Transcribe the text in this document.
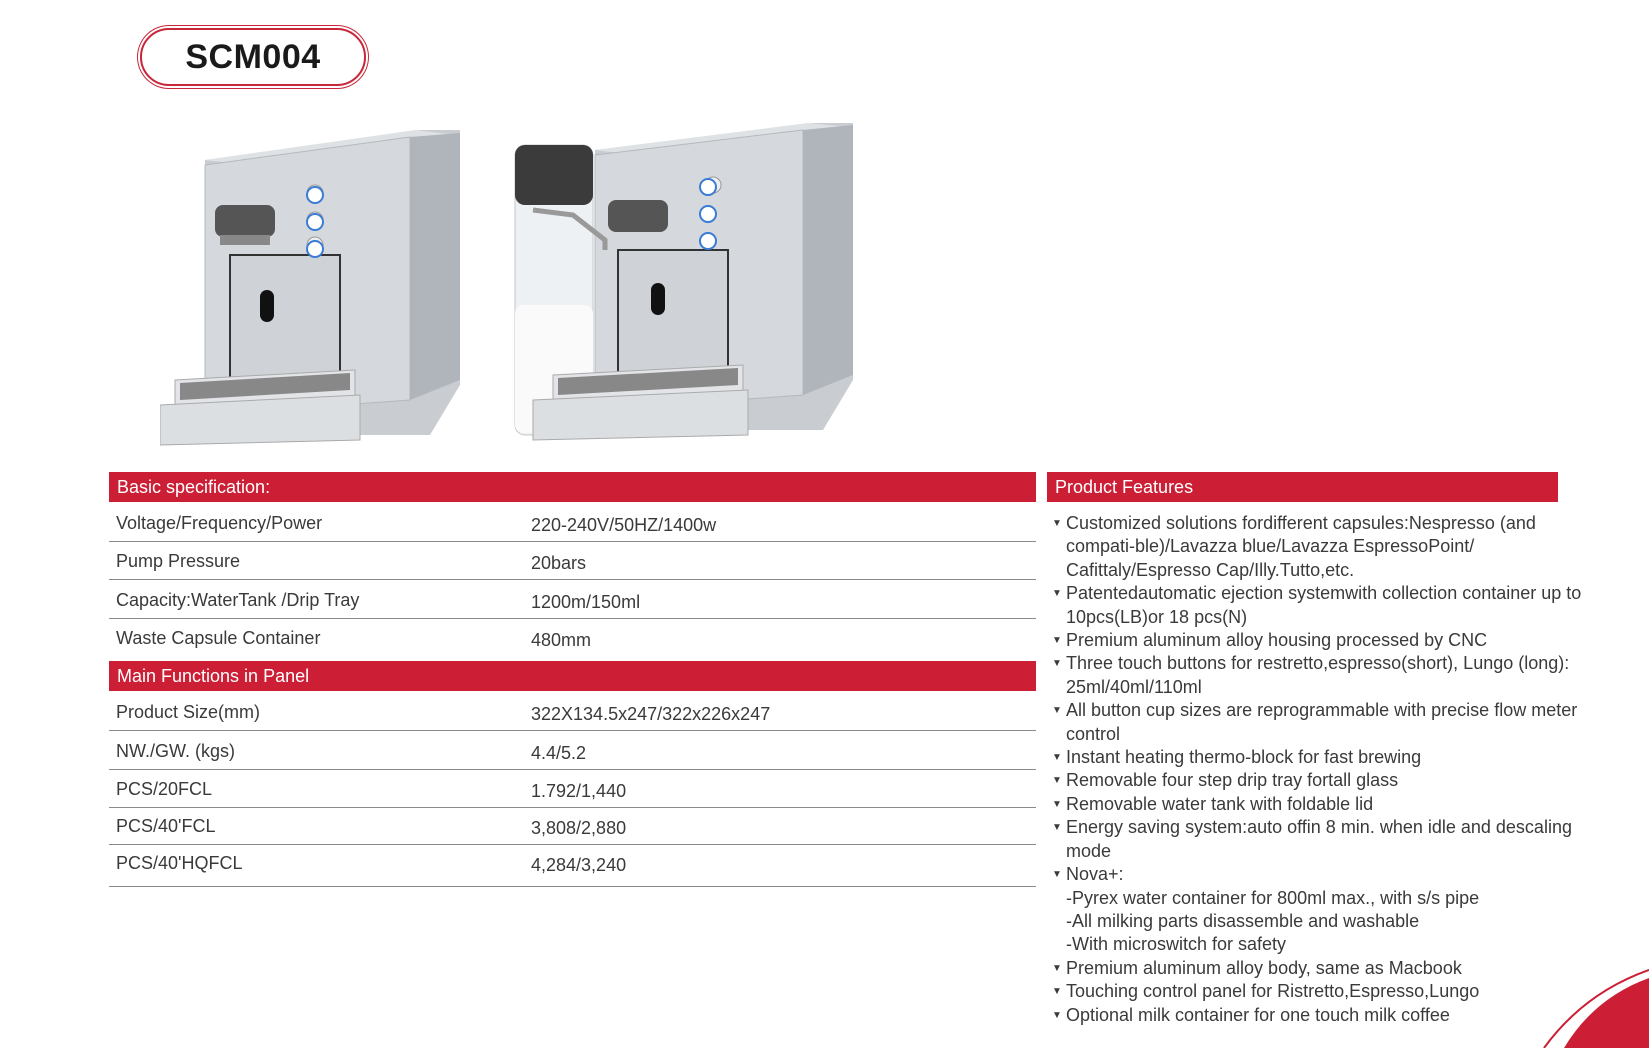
SCM004
Basic specification:
Voltage/Frequency/Power	220-240V/50HZ/1400w
Pump Pressure	20bars
Capacity:WaterTank /Drip Tray	1200m/150ml
Waste Capsule Container	480mm
Main Functions in Panel
Product Size(mm)	322X134.5x247/322x226x247
NW./GW. (kgs)	4.4/5.2
PCS/20FCL	1.792/1,440
PCS/40'FCL	3,808/2,880
PCS/40'HQFCL	4,284/3,240
Product Features
▼ Customized solutions fordifferent capsules:Nespresso (and compati-ble)/Lavazza blue/Lavazza EspressoPoint/ Cafittaly/Espresso Cap/Illy.Tutto,etc.
▼ Patentedautomatic ejection systemwith collection container up to 10pcs(LB)or 18 pcs(N)
▼ Premium aluminum alloy housing processed by CNC
▼ Three touch buttons for restretto,espresso(short), Lungo (long): 25ml/40ml/110ml
▼ All button cup sizes are reprogrammable with precise flow meter control
▼ Instant heating thermo-block for fast brewing
▼ Removable four step drip tray fortall glass
▼ Removable water tank with foldable lid
▼ Energy saving system:auto offin 8 min. when idle and descaling mode
▼ Nova+:
-Pyrex water container for 800ml max., with s/s pipe
-All milking parts disassemble and washable
-With microswitch for safety
▼ Premium aluminum alloy body, same as Macbook
▼ Touching control panel for Ristretto,Espresso,Lungo
▼ Optional milk container for one touch milk coffee
